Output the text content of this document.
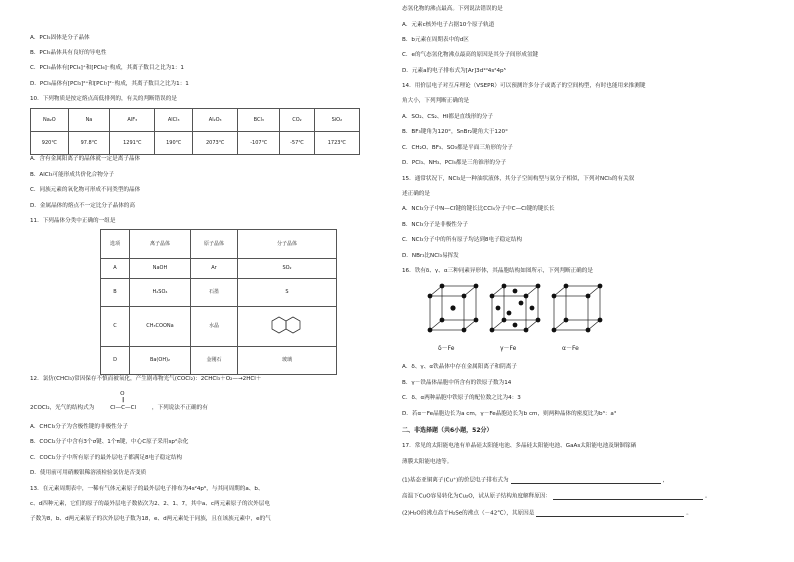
A．PCl₅固体是分子晶体
B．PCl₅晶体具有良好的导电性
C．PCl₅晶体有[PCl₄]⁺和[PCl₆]⁻构成，其离子数目之比为1：1
D．PCl₅晶体有[PCl₃]²⁺和[PCl₇]²⁻构成，其离子数目之比为1：1
10．下列物质是按定熔点高低排列的，有关的判断错误的是
Na₂O	Na	AlF₃	AlCl₃	Al₂O₃	BCl₃	CO₂	SiO₂
920℃	97.8℃	1291℃	190℃	2073℃	-107℃	-57℃	1723℃
A．含有金属阳离子的晶体就一定是离子晶体
B．AlCl₃可能形成共价化合物分子
C．同族元素的氧化物可形成不同类型的晶体
D．金属晶体的熔点不一定比分子晶体的高
11．下列晶体分类中正确的一组是
选项	离子晶体	原子晶体	分子晶体
A	NaOH	Ar	SO₂
B	H₂SO₄	石墨	S
C	CH₃COONa	水晶	
D	Ba(OH)₂	金刚石	玻璃
12．氯仿(CHCl₃)常因保存不慎而被氧化，产生剧毒物光气(COCl₂)：2CHCl₃＋O₂—→2HCl＋
2COCl₂，光气的结构式为
O
‖
Cl—C—Cl	，下列说法不正确的有
A．CHCl₃分子为含极性键的非极性分子
B．COCl₂分子中含有3个σ键、1个π键，中心C原子采用sp²杂化
C．COCl₂分子中所有原子的最外层电子都满足8电子稳定结构
D．使用前可用硝酸银稀溶液检验氯仿是否变质
13．在元素周期表中，一稀有气体元素原子的最外层电子排布为4s²4p⁶，与其同周期的a、b、
c、d四种元素，它们的原子的最外层电子数依次为2、2、1、7，其中a、c两元素原子的次外层电
子数为8，b、d两元素原子的次外层电子数为18，e、d两元素处于同族，且在该族元素中，e的气
态氢化物的沸点最高。下列说法错误的是
A．元素c核外电子占据10个原子轨道
B．b元素在周期表中的d区
C．e的气态氢化物沸点最高的原因是其分子间形成氢键
D．元素a的电子排布式为[Ar]3d¹⁰4s²4p⁵
14．用价层电子对互斥理论（VSEPR）可以预测许多分子或离子的空间构型，有时也能用来推测键
角大小，下列判断正确的是
A．SO₂、CS₂、HI都是直线形的分子
B．BF₃键角为120°，SnBr₂键角大于120°
C．CH₂O、BF₃、SO₃都是平面三角形的分子
D．PCl₃、NH₃、PCl₅都是三角锥形的分子
15．通常状况下，NCl₃是一种油状液体，其分子空间构型与氨分子相似，下列对NCl₃的有关叙
述正确的是
A．NCl₃分子中N—Cl键的键长比CCl₄分子中C—Cl键的键长长
B．NCl₃分子是非极性分子
C．NCl₃分子中的所有原子均达到8电子稳定结构
D．NBr₃比NCl₃易挥发
16．铁有δ、γ、α三种同素异形体，其晶胞结构如图所示，下列判断正确的是
δ－Fe	γ－Fe	α－Fe
A．δ、γ、α铁晶体中存在金属阳离子和阴离子
B．γ－铁晶体晶胞中所含有的铁原子数为14
C．δ、α两种晶胞中铁原子的配位数之比为4：3
D．若α－Fe晶胞边长为a cm，γ－Fe晶胞边长为b cm，则两种晶体的密度比为b³：a³
二、非选择题（共6小题，52分）
17．常见的太阳能电池有单晶硅太阳能电池、多晶硅太阳能电池、GaAs太阳能电池及铜铟镓硒
薄膜太阳能电池等。
(1)基态亚铜离子(Cu⁺)的价层电子排布式为	，
高温下CuO容易转化为Cu₂O，试从原子结构角度解释原因：	。
(2)H₂O的沸点高于H₂Se的沸点（－42℃），其原因是	。
